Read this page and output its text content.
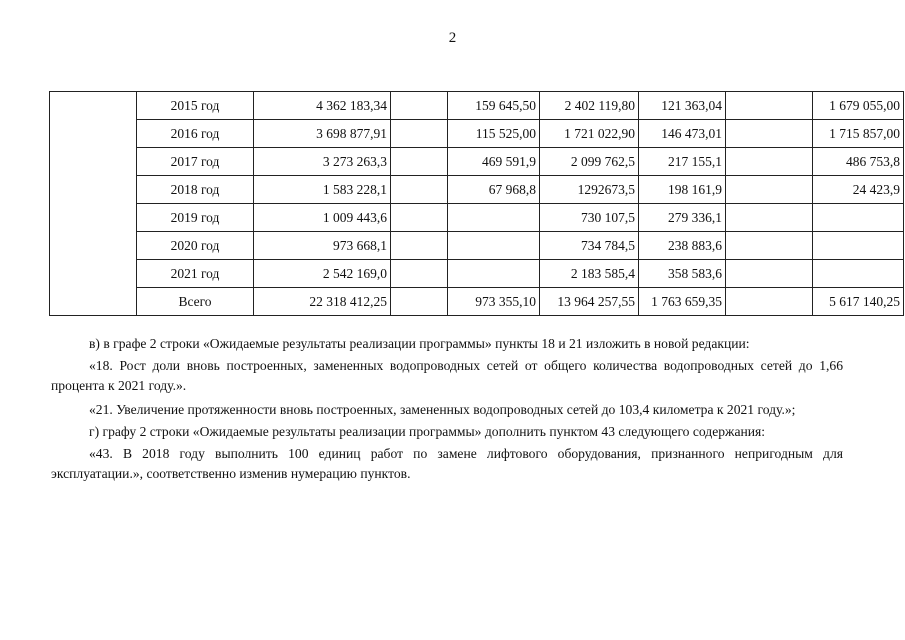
2
	2015 год	4 362 183,34		159 645,50	2 402 119,80	121 363,04		1 679 055,00
	2016 год	3 698 877,91		115 525,00	1 721 022,90	146 473,01		1 715 857,00
	2017 год	3 273 263,3		469 591,9	2 099 762,5	217 155,1		486 753,8
	2018 год	1 583 228,1		67 968,8	1292673,5	198 161,9		24 423,9
	2019 год	1 009 443,6			730 107,5	279 336,1		
	2020 год	973 668,1			734 784,5	238 883,6		
	2021 год	2 542 169,0			2 183 585,4	358 583,6		
	Всего	22 318 412,25		973 355,10	13 964 257,55	1 763 659,35		5 617 140,25

в) в графе 2 строки «Ожидаемые результаты реализации программы» пункты 18 и 21 изложить в новой редакции:

«18. Рост доли вновь построенных, замененных водопроводных сетей от общего количества водопроводных сетей до 1,66 процента к 2021 году.».

«21. Увеличение протяженности вновь построенных, замененных водопроводных сетей до 103,4 километра к 2021 году.»;

г) графу 2 строки «Ожидаемые результаты реализации программы» дополнить пунктом 43 следующего содержания:

«43. В 2018 году выполнить 100 единиц работ по замене лифтового оборудования, признанного непригодным для эксплуатации.», соответственно изменив нумерацию пунктов.
